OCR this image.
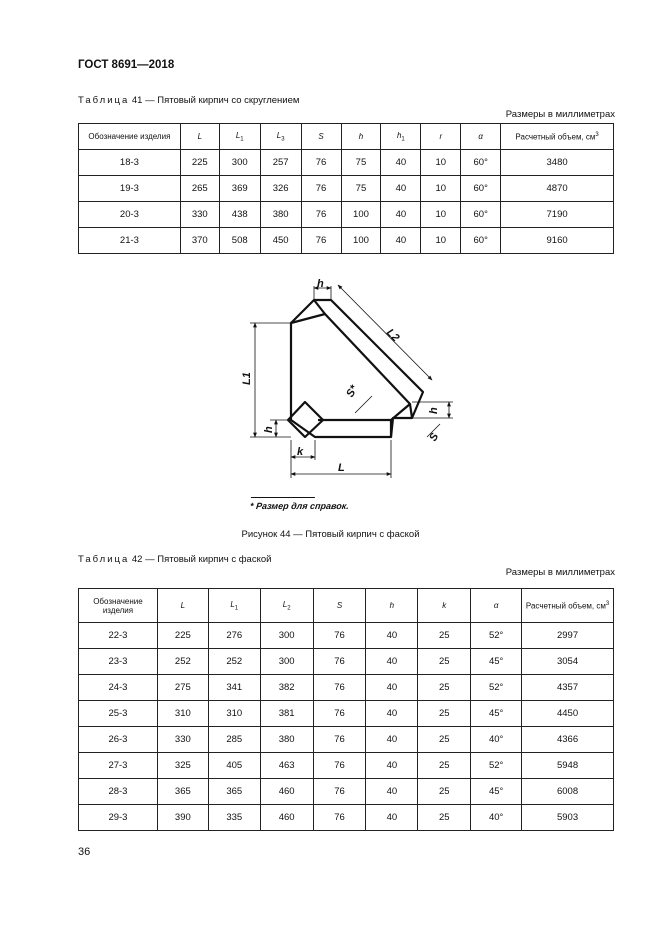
ГОСТ 8691—2018
Таблица 41 — Пятовый кирпич со скруглением
Размеры в миллиметрах
Обозначение изделия	L	$L_1$	$L_3$	S	h	$h_1$	r	α	Расчетный объем, $см^3$
18-3	225	300	257	76	75	40	10	60°	3480
19-3	265	369	326	76	75	40	10	60°	4870
20-3	330	438	380	76	100	40	10	60°	7190
21-3	370	508	450	76	100	40	10	60°	9160
h
L2
L1
S*
h
S
h
k
L
* Размер для справок.
Рисунок 44 — Пятовый кирпич с фаской
Таблица 42 — Пятовый кирпич с фаской
Размеры в миллиметрах
Обозначение изделия	L	$L_1$	$L_2$	S	h	k	α	Расчетный объем, $см^3$
22-3	225	276	300	76	40	25	52°	2997
23-3	252	252	300	76	40	25	45°	3054
24-3	275	341	382	76	40	25	52°	4357
25-3	310	310	381	76	40	25	45°	4450
26-3	330	285	380	76	40	25	40°	4366
27-3	325	405	463	76	40	25	52°	5948
28-3	365	365	460	76	40	25	45°	6008
29-3	390	335	460	76	40	25	40°	5903
36
